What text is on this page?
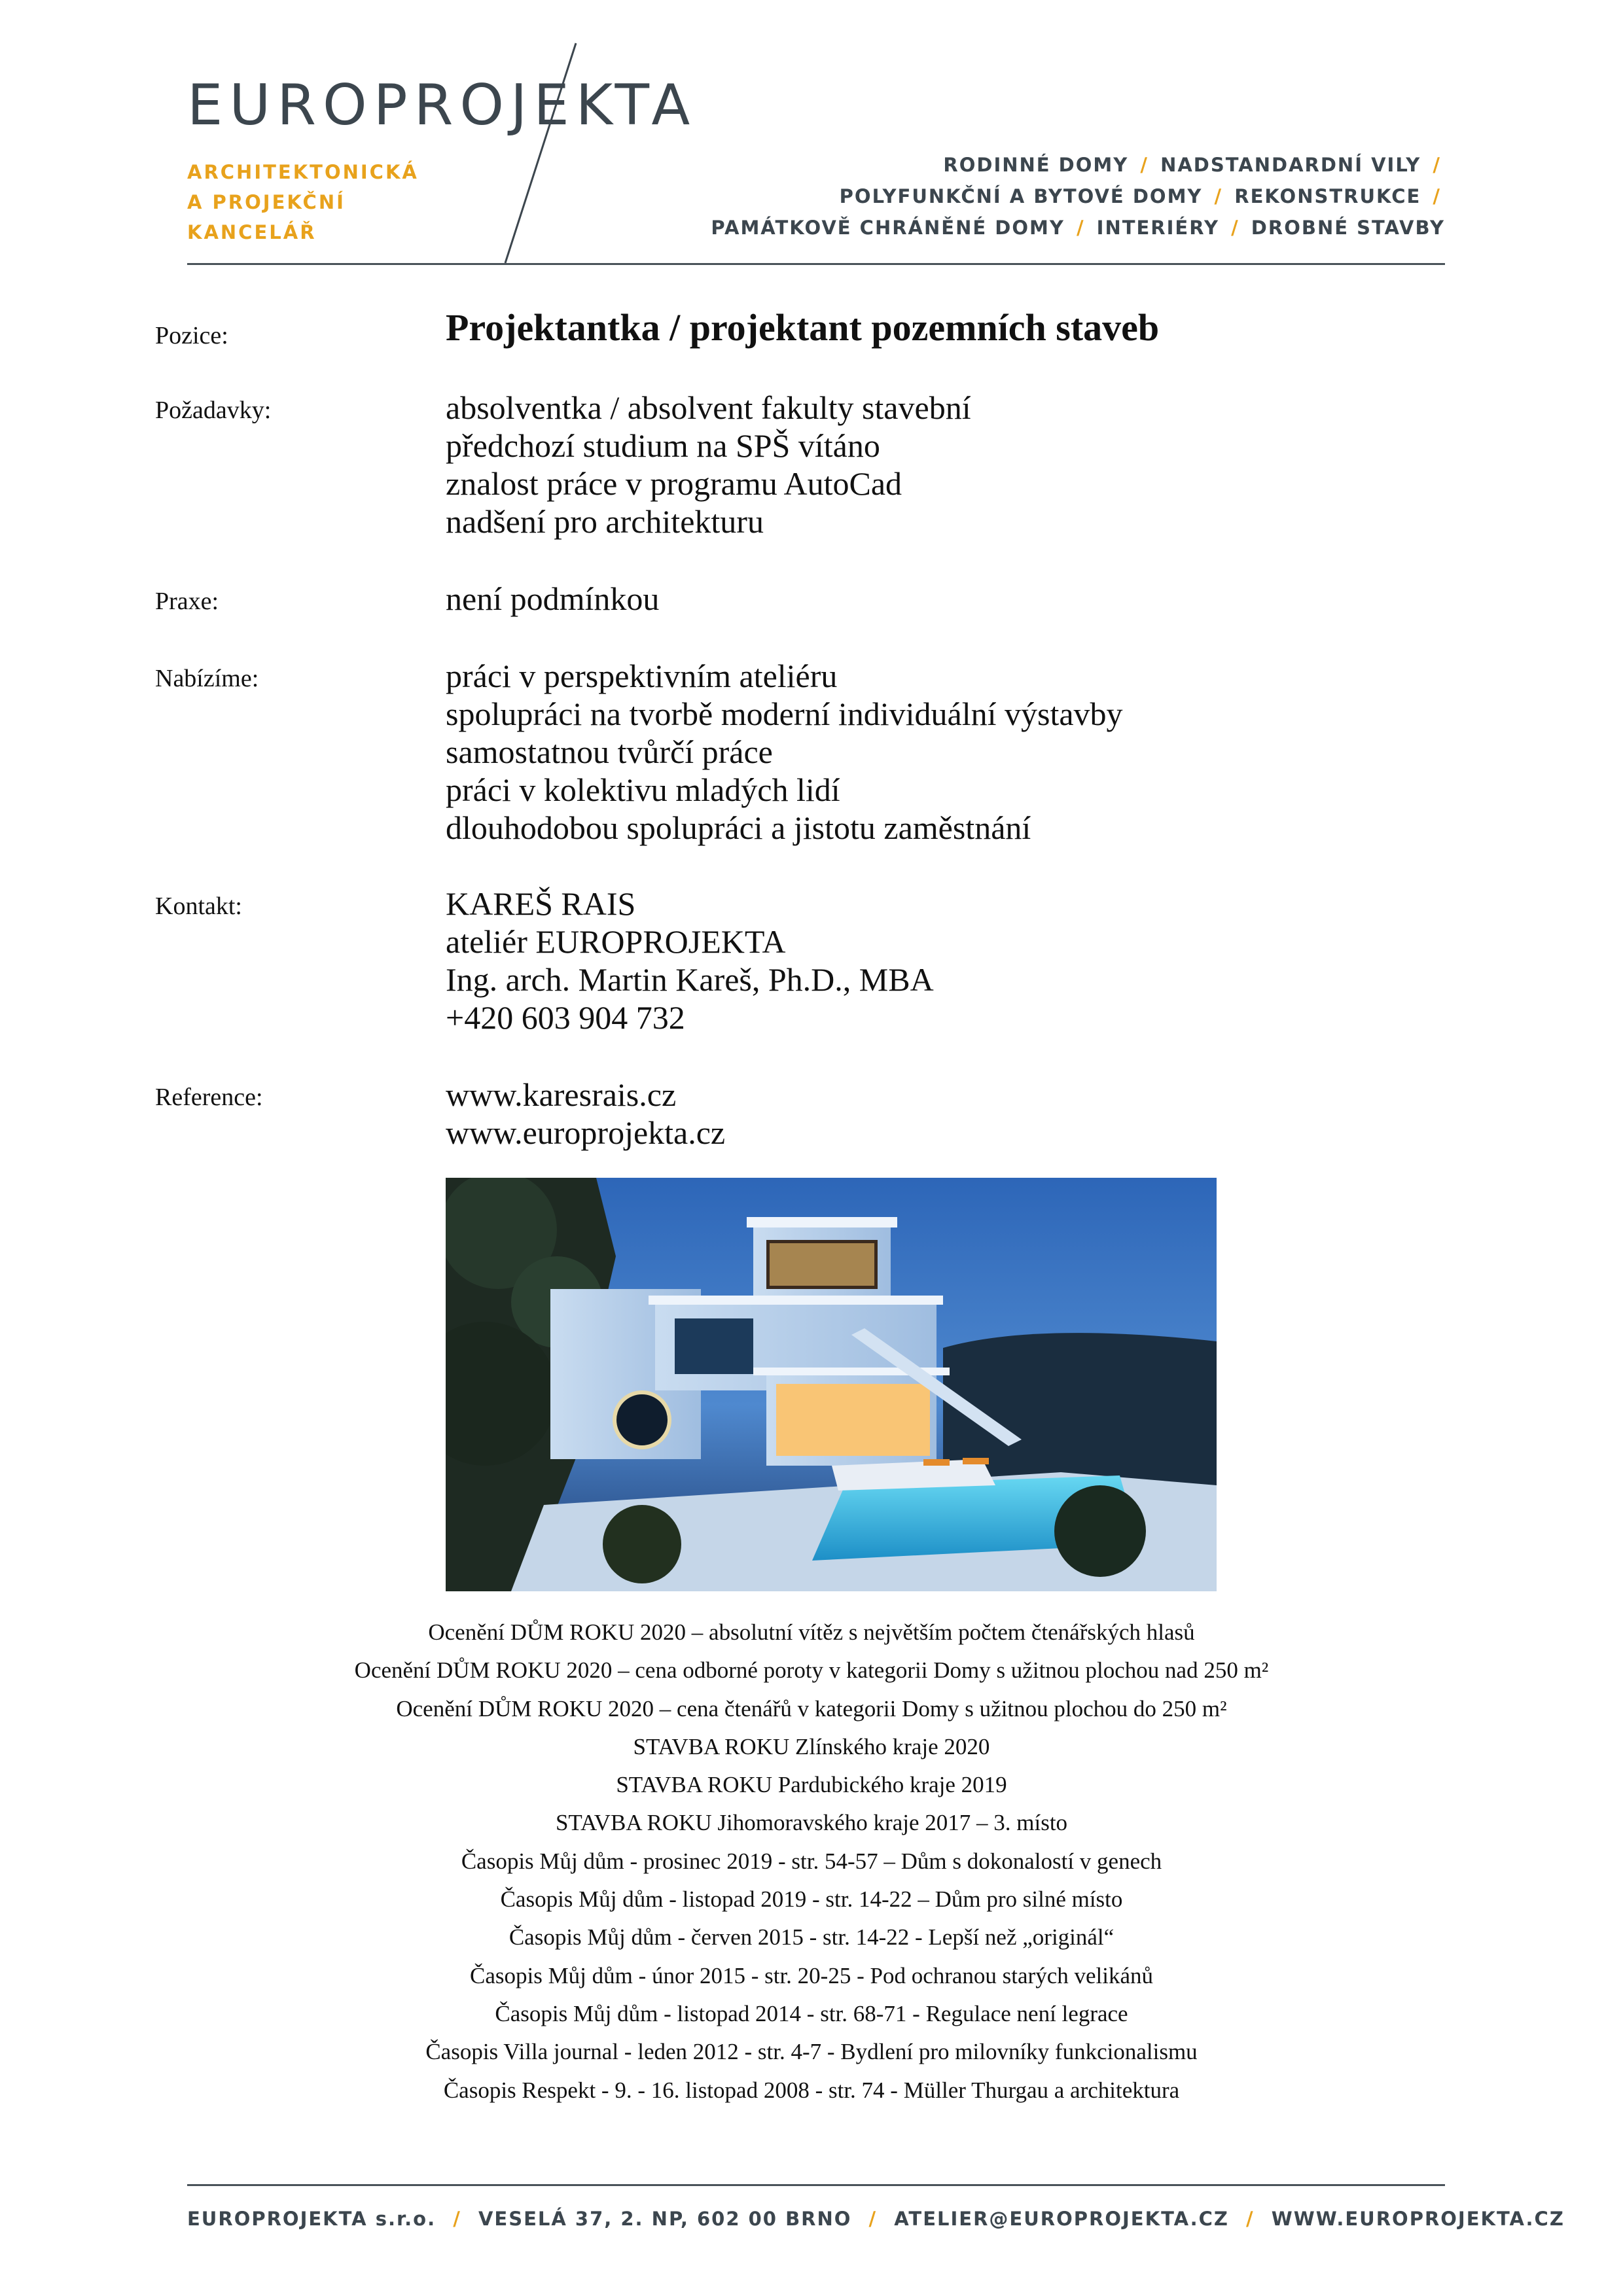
EUROPROJEKTA
ARCHITEKTONICKÁ
A PROJEKČNÍ
KANCELÁŘ
RODINNÉ DOMY / NADSTANDARDNÍ VILY /
POLYFUNKČNÍ A BYTOVÉ DOMY / REKONSTRUKCE /
PAMÁTKOVĚ CHRÁNĚNÉ DOMY / INTERIÉRY / DROBNÉ STAVBY
Pozice:	Projektantka / projektant pozemních staveb
Požadavky:	absolventka / absolvent fakulty stavební
předchozí studium na SPŠ vítáno
znalost práce v programu AutoCad
nadšení pro architekturu
Praxe:	není podmínkou
Nabízíme:	práci v perspektivním ateliéru
spolupráci na tvorbě moderní individuální výstavby
samostatnou tvůrčí práce
práci v kolektivu mladých lidí
dlouhodobou spolupráci a jistotu zaměstnání
Kontakt:	KAREŠ RAIS
ateliér EUROPROJEKTA
Ing. arch. Martin Kareš, Ph.D., MBA
+420 603 904 732
Reference:	www.karesrais.cz
www.europrojekta.cz
Ocenění DŮM ROKU 2020 – absolutní vítěz s největším počtem čtenářských hlasů
Ocenění DŮM ROKU 2020 – cena odborné poroty v kategorii Domy s užitnou plochou nad 250 m²
Ocenění DŮM ROKU 2020 – cena čtenářů v kategorii Domy s užitnou plochou do 250 m²
STAVBA ROKU Zlínského kraje 2020
STAVBA ROKU Pardubického kraje 2019
STAVBA ROKU Jihomoravského kraje 2017 – 3. místo
Časopis Můj dům - prosinec 2019 - str. 54-57 – Dům s dokonalostí v genech
Časopis Můj dům - listopad 2019 - str. 14-22 – Dům pro silné místo
Časopis Můj dům - červen 2015 - str. 14-22 - Lepší než „originál“
Časopis Můj dům - únor 2015 - str. 20-25 - Pod ochranou starých velikánů
Časopis Můj dům - listopad 2014 - str. 68-71 - Regulace není legrace
Časopis Villa journal - leden 2012 - str. 4-7 - Bydlení pro milovníky funkcionalismu
Časopis Respekt - 9. - 16. listopad 2008 - str. 74 - Müller Thurgau a architektura
EUROPROJEKTA s.r.o. / VESELÁ 37, 2. NP, 602 00 BRNO / ATELIER@EUROPROJEKTA.CZ / WWW.EUROPROJEKTA.CZ
